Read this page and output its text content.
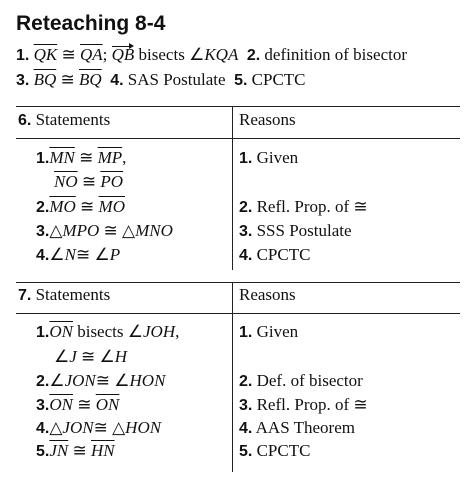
Reteaching 8-4
1. $\overline{QK}$ ≅ $\overline{QA}$; QB bisects ∠KQA 2. definition of bisector
3. $\overline{BQ}$ ≅ $\overline{BQ}$ 4. SAS Postulate 5. CPCTC
6. Statements	Reasons
$1.\overline{MN}$ ≅ $\overline{MP}$,	1. Given
$\overline{NO}$ ≅ $\overline{PO}$
$2.\overline{MO}$ ≅ $\overline{MO}$	2. Refl. Prop. of ≅
3.△MPO ≅ △MNO	3. SSS Postulate
4.∠N≅ ∠P	4. CPCTC
7. Statements	Reasons
$1.\overline{ON}$ bisects ∠JOH,	1. Given
∠J ≅ ∠H
2.∠JON≅ ∠HON	2. Def. of bisector
$3.\overline{ON}$ ≅ $\overline{ON}$	3. Refl. Prop. of ≅
4.△JON≅ △HON	4. AAS Theorem
$5.\overline{JN}$ ≅ $\overline{HN}$	5. CPCTC
